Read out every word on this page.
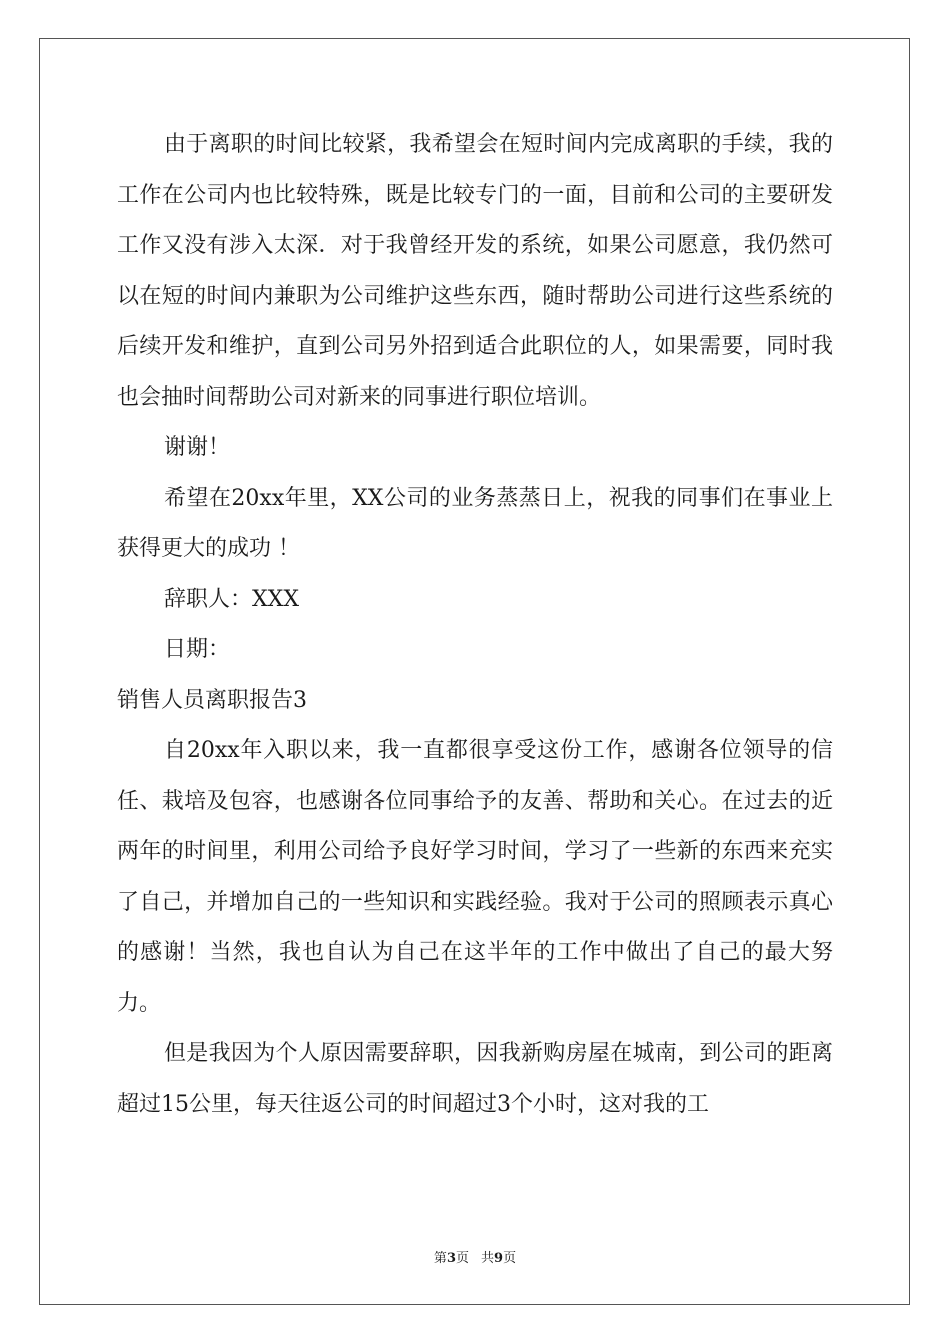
由于离职的时间比较紧，我希望会在短时间内完成离职的手续，我的工作在公司内也比较特殊，既是比较专门的一面，目前和公司的主要研发工作又没有涉入太深．对于我曾经开发的系统，如果公司愿意，我仍然可以在短的时间内兼职为公司维护这些东西，随时帮助公司进行这些系统的后续开发和维护，直到公司另外招到适合此职位的人，如果需要，同时我也会抽时间帮助公司对新来的同事进行职位培训。

谢谢！

希望在20xx年里，XX公司的业务蒸蒸日上，祝我的同事们在事业上获得更大的成功 ！

辞职人：XXX

日期：

销售人员离职报告3

自20xx年入职以来，我一直都很享受这份工作，感谢各位领导的信任、栽培及包容，也感谢各位同事给予的友善、帮助和关心。在过去的近两年的时间里，利用公司给予良好学习时间，学习了一些新的东西来充实了自己，并增加自己的一些知识和实践经验。我对于公司的照顾表示真心的感谢！当然，我也自认为自己在这半年的工作中做出了自己的最大努力。

但是我因为个人原因需要辞职，因我新购房屋在城南，到公司的距离超过15公里，每天往返公司的时间超过3个小时，这对我的工

第3页 共9页
